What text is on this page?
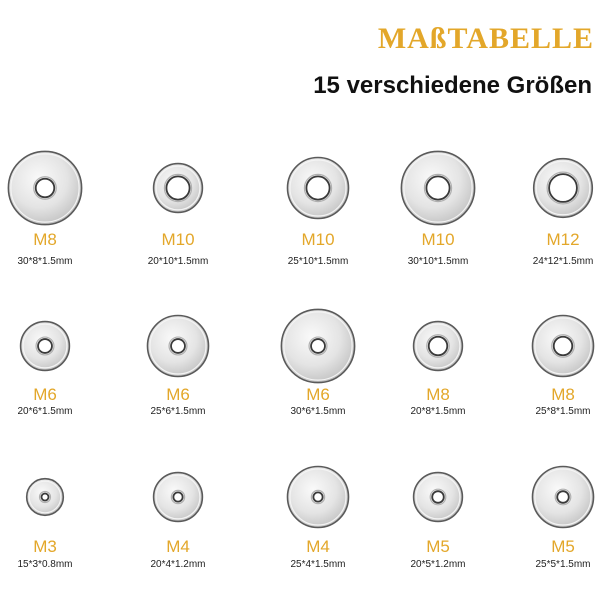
MAßTABELLE
15 verschiedene Größen
M8
30*8*1.5mm
M10
20*10*1.5mm
M10
25*10*1.5mm
M10
30*10*1.5mm
M12
24*12*1.5mm
M6
20*6*1.5mm
M6
25*6*1.5mm
M6
30*6*1.5mm
M8
20*8*1.5mm
M8
25*8*1.5mm
M3
15*3*0.8mm
M4
20*4*1.2mm
M4
25*4*1.5mm
M5
20*5*1.2mm
M5
25*5*1.5mm
